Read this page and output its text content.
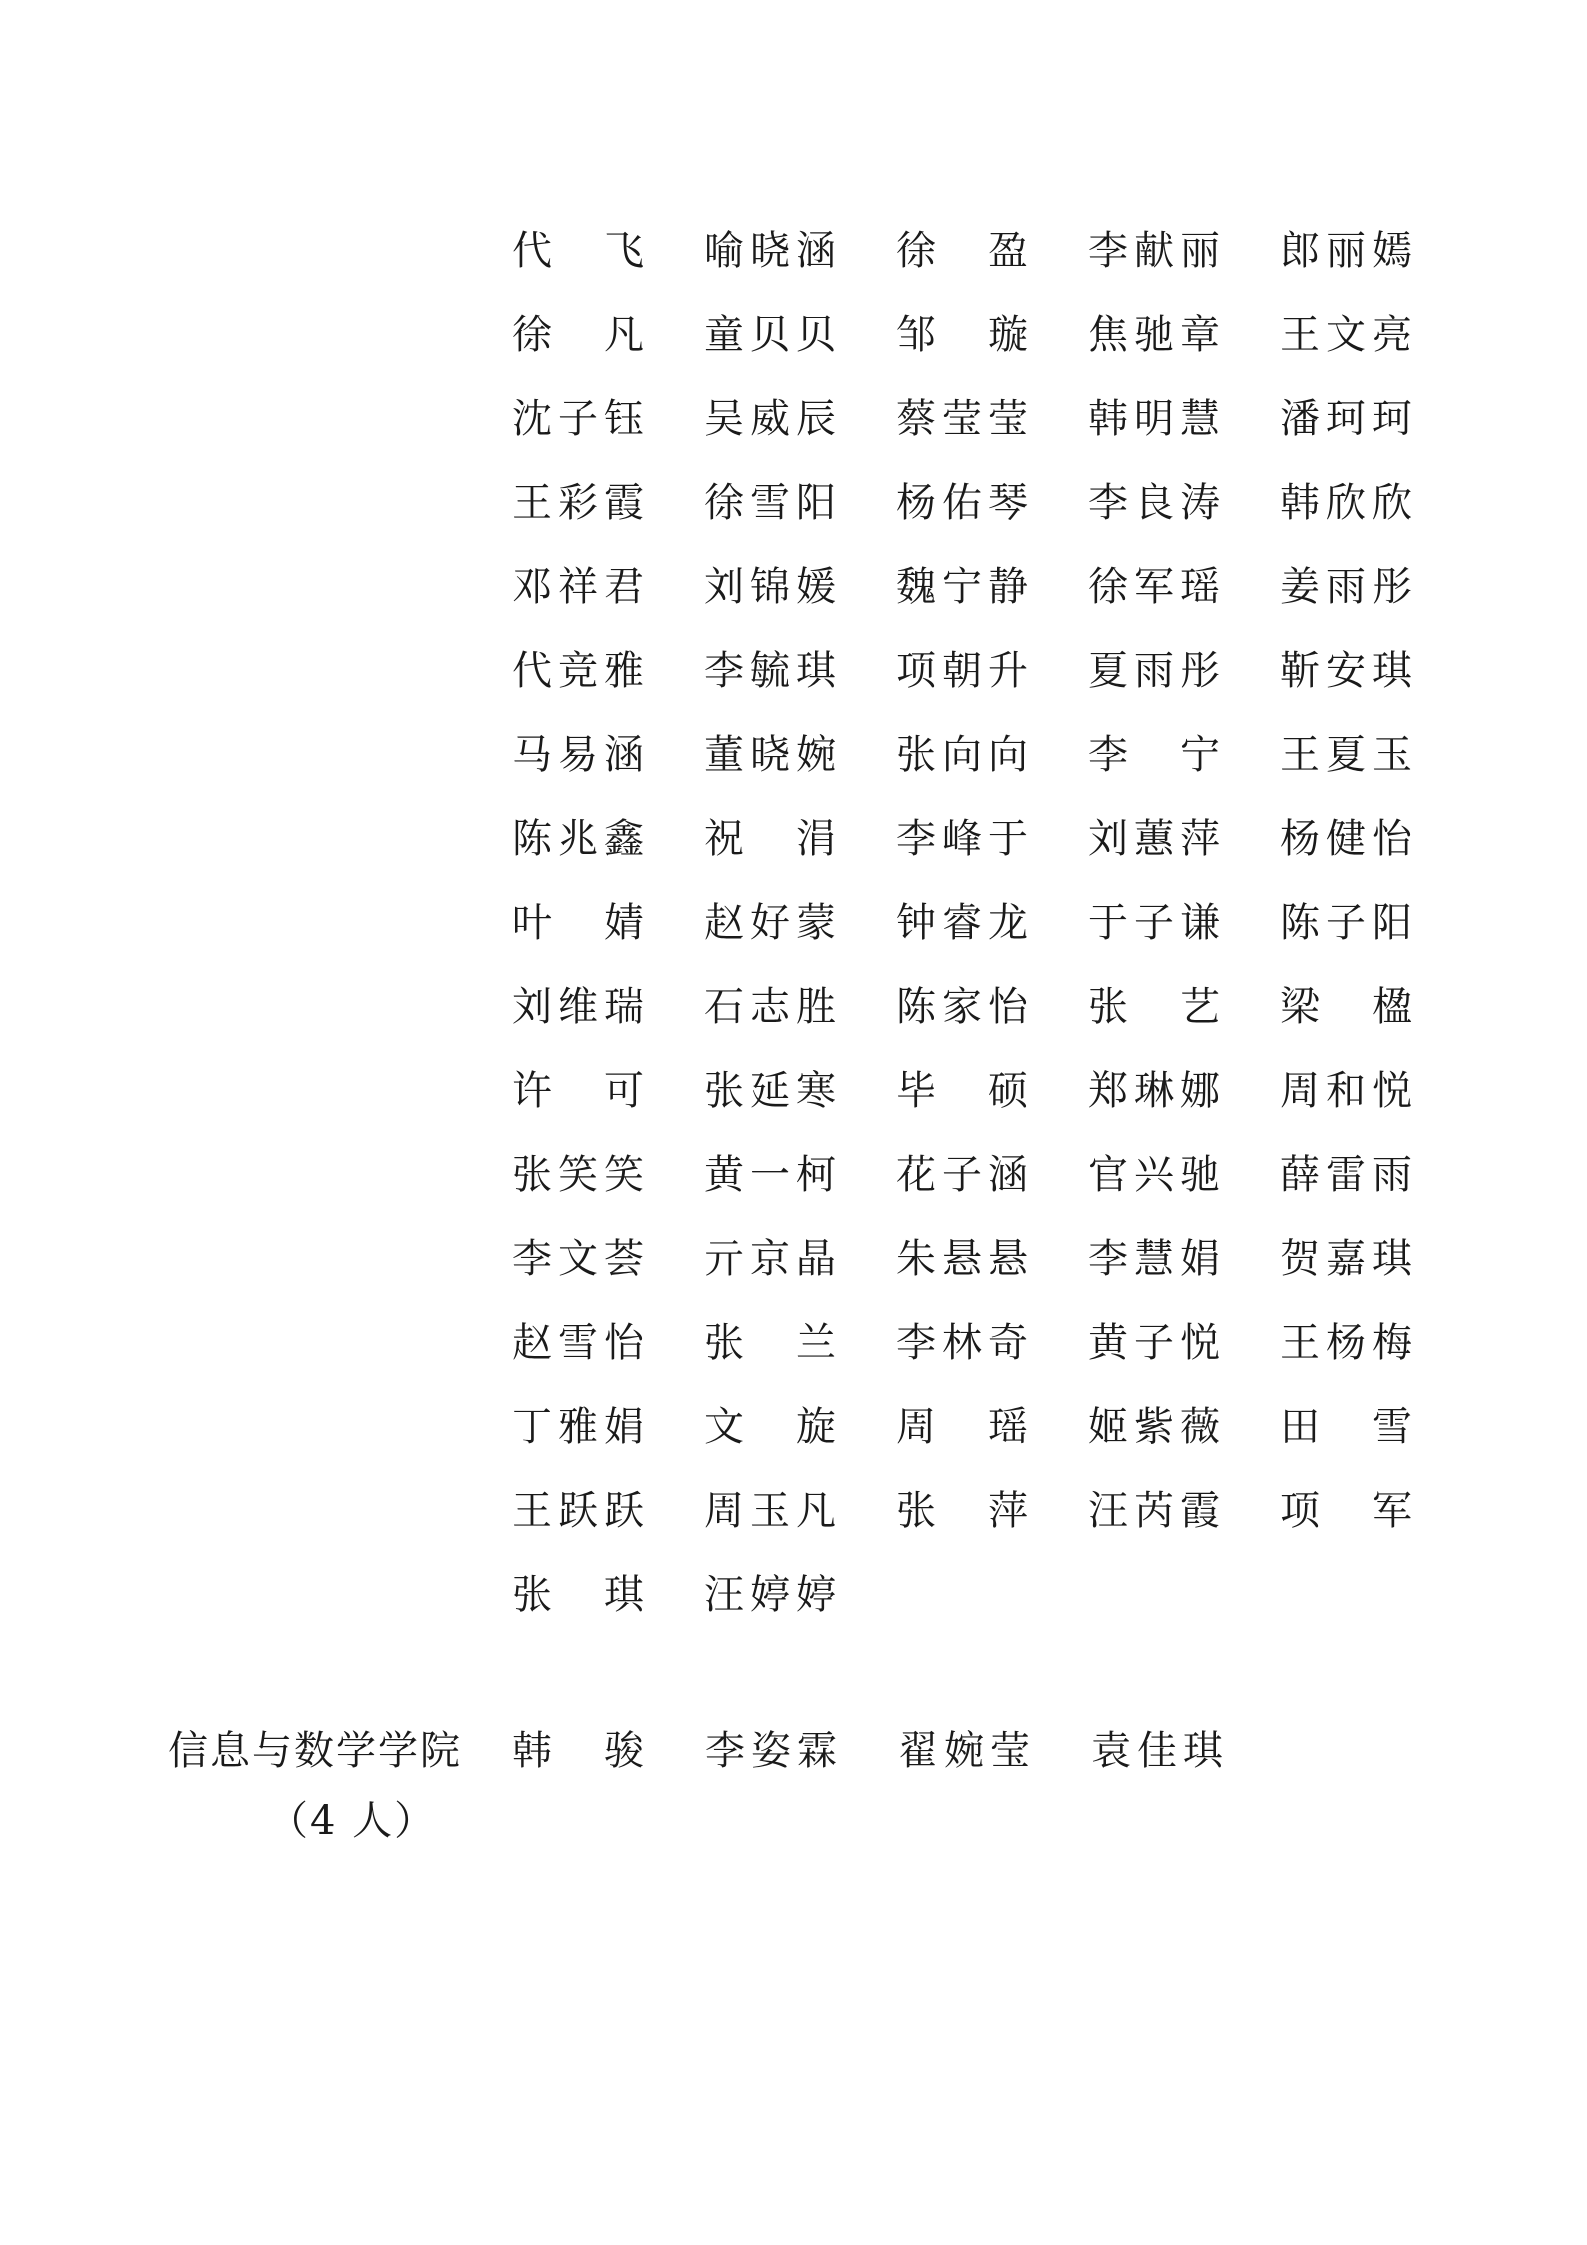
代　飞	喻晓涵	徐　盈	李献丽	郎丽嫣
徐　凡	童贝贝	邹　璇	焦驰章	王文亮
沈子钰	吴威辰	蔡莹莹	韩明慧	潘珂珂
王彩霞	徐雪阳	杨佑琴	李良涛	韩欣欣
邓祥君	刘锦媛	魏宁静	徐军瑶	姜雨彤
代竞雅	李毓琪	项朝升	夏雨彤	靳安琪
马易涵	董晓婉	张向向	李　宁	王夏玉
陈兆鑫	祝　涓	李峰于	刘蕙萍	杨健怡
叶　婧	赵好蒙	钟睿龙	于子谦	陈子阳
刘维瑞	石志胜	陈家怡	张　艺	梁　楹
许　可	张延寒	毕　硕	郑琳娜	周和悦
张笑笑	黄一柯	花子涵	官兴驰	薛雷雨
李文荟	亓京晶	朱悬悬	李慧娟	贺嘉琪
赵雪怡	张　兰	李林奇	黄子悦	王杨梅
丁雅娟	文　旋	周　瑶	姬紫薇	田　雪
王跃跃	周玉凡	张　萍	汪芮霞	项　军
张　琪	汪婷婷
信息与数学学院	韩　骏	李姿霖	翟婉莹	袁佳琪
（4 人）
